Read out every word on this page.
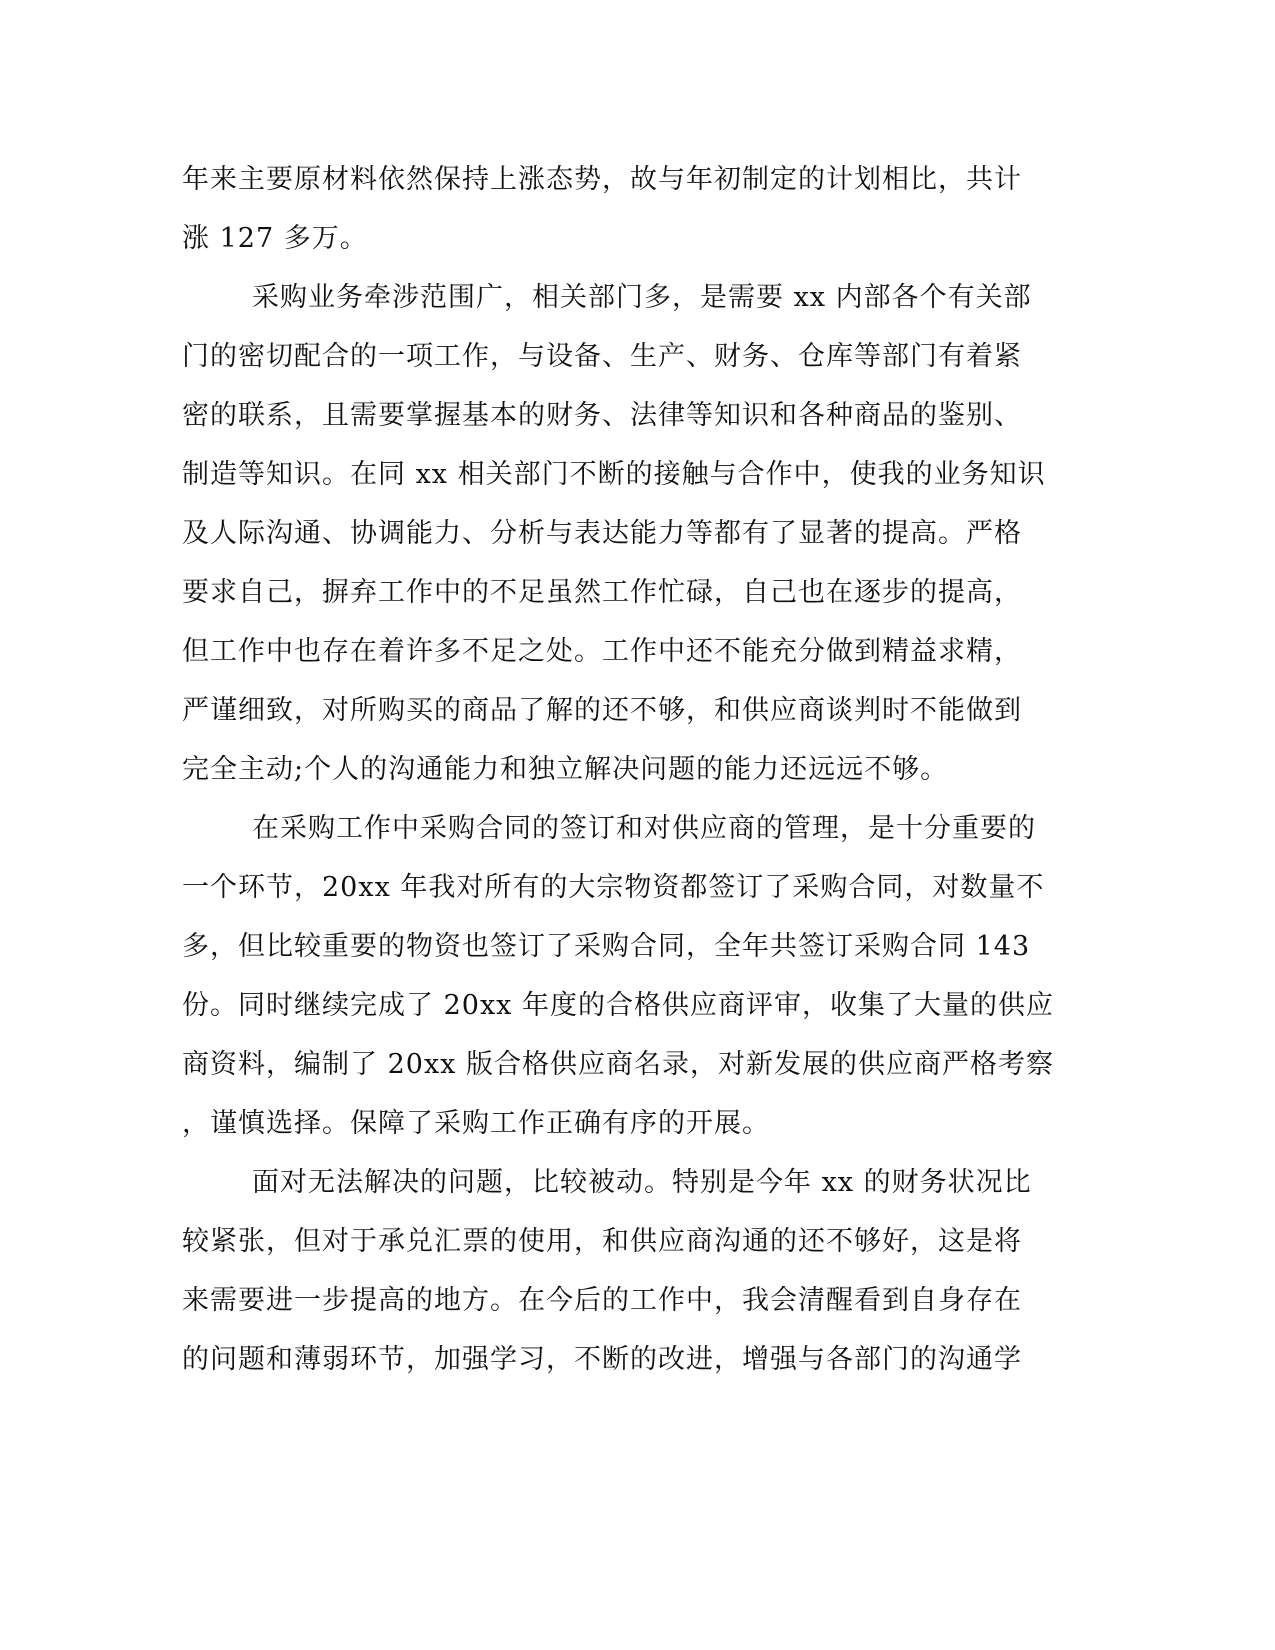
年来主要原材料依然保持上涨态势，故与年初制定的计划相比，共计
涨 127 多万。
采购业务牵涉范围广，相关部门多，是需要 xx 内部各个有关部
门的密切配合的一项工作，与设备、生产、财务、仓库等部门有着紧
密的联系，且需要掌握基本的财务、法律等知识和各种商品的鉴别、
制造等知识。在同 xx 相关部门不断的接触与合作中，使我的业务知识
及人际沟通、协调能力、分析与表达能力等都有了显著的提高。严格
要求自己，摒弃工作中的不足虽然工作忙碌，自己也在逐步的提高，
但工作中也存在着许多不足之处。工作中还不能充分做到精益求精，
严谨细致，对所购买的商品了解的还不够，和供应商谈判时不能做到
完全主动;个人的沟通能力和独立解决问题的能力还远远不够。
在采购工作中采购合同的签订和对供应商的管理，是十分重要的
一个环节，20xx 年我对所有的大宗物资都签订了采购合同，对数量不
多，但比较重要的物资也签订了采购合同，全年共签订采购合同 143
份。同时继续完成了 20xx 年度的合格供应商评审，收集了大量的供应
商资料，编制了 20xx 版合格供应商名录，对新发展的供应商严格考察
，谨慎选择。保障了采购工作正确有序的开展。
面对无法解决的问题，比较被动。特别是今年 xx 的财务状况比
较紧张，但对于承兑汇票的使用，和供应商沟通的还不够好，这是将
来需要进一步提高的地方。在今后的工作中，我会清醒看到自身存在
的问题和薄弱环节，加强学习，不断的改进，增强与各部门的沟通学
